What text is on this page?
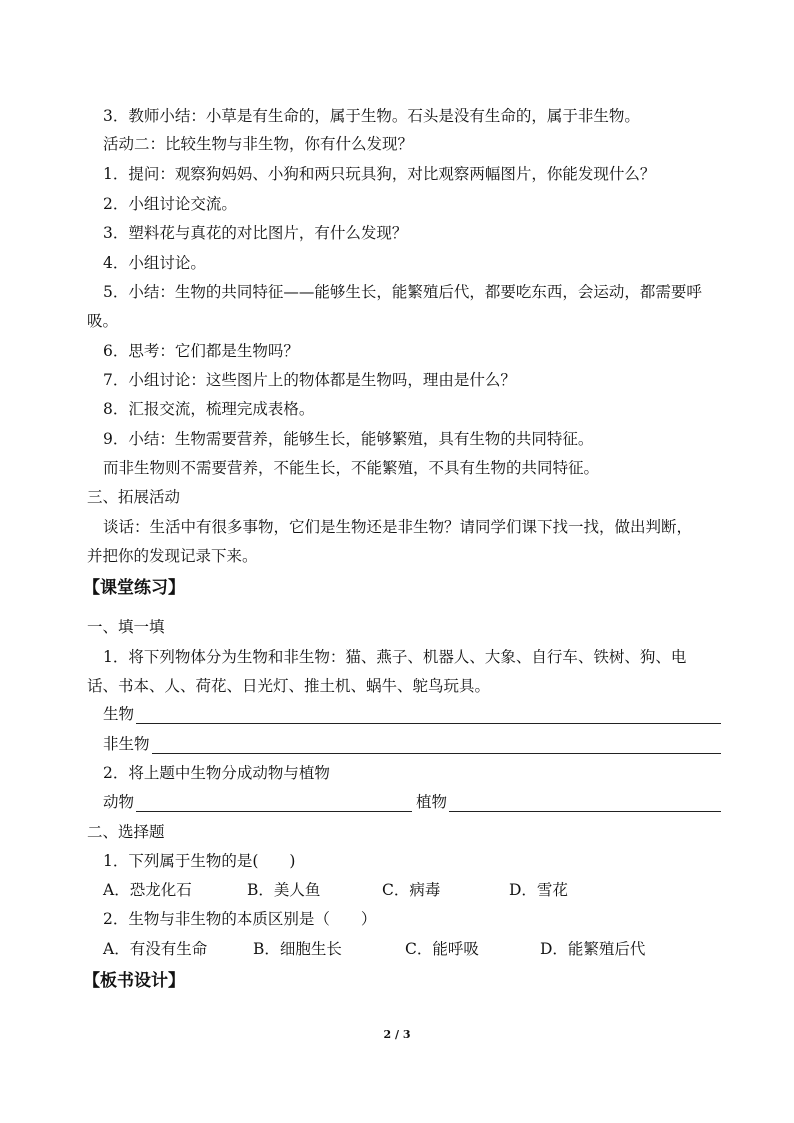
3．教师小结：小草是有生命的，属于生物。石头是没有生命的，属于非生物。
活动二：比较生物与非生物，你有什么发现？
1．提问：观察狗妈妈、小狗和两只玩具狗，对比观察两幅图片，你能发现什么？
2．小组讨论交流。
3．塑料花与真花的对比图片，有什么发现？
4．小组讨论。
5．小结：生物的共同特征——能够生长，能繁殖后代，都要吃东西，会运动，都需要呼
吸。
6．思考：它们都是生物吗？
7．小组讨论：这些图片上的物体都是生物吗，理由是什么？
8．汇报交流，梳理完成表格。
9．小结：生物需要营养，能够生长，能够繁殖，具有生物的共同特征。
而非生物则不需要营养，不能生长，不能繁殖，不具有生物的共同特征。
三、拓展活动
谈话：生活中有很多事物，它们是生物还是非生物？请同学们课下找一找，做出判断，
并把你的发现记录下来。
【课堂练习】
一、填一填
1．将下列物体分为生物和非生物：猫、燕子、机器人、大象、自行车、铁树、狗、电
话、书本、人、荷花、日光灯、推土机、蜗牛、鸵鸟玩具。
生物
非生物
2．将上题中生物分成动物与植物
动物	植物
二、选择题
1．下列属于生物的是(　　)
A．恐龙化石	B．美人鱼	C．病毒	D．雪花
2．生物与非生物的本质区别是（　　）
A．有没有生命	B．细胞生长	C．能呼吸	D．能繁殖后代
【板书设计】
2 / 3
